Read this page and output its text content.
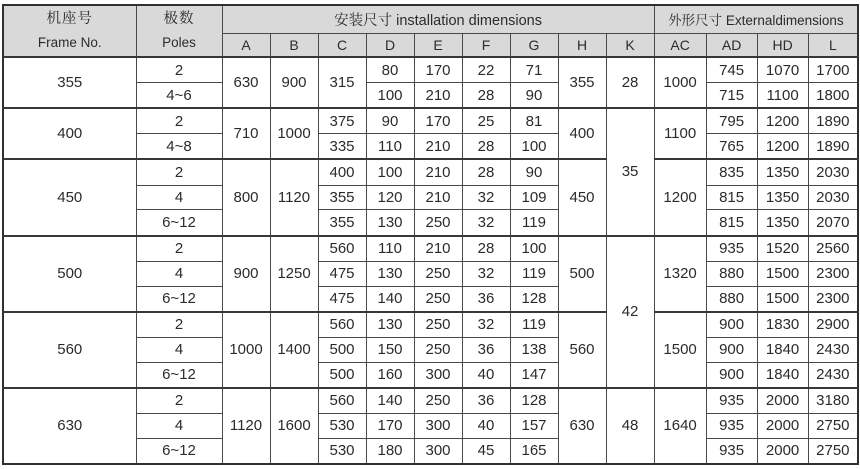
机座号
Frame No.

极数
Poles
	安装尺寸 installation dimensions	外形尺寸 Externaldimensions
		A	B	C	D	E	F	G	H	K	AC	AD	HD	L
355	2	630	900	315	80	170	22	71	355	28	1000	745	1070	1700
	4~6				100	210	28	90				715	1100	1800
400	2	710	1000	375	90	170	25	81	400	35	1100	795	1200	1890
	4~8			335	110	210	28	100				765	1200	1890
450	2	800	1120	400	100	210	28	90	450		1200	835	1350	2030
	4			355	120	210	32	109				815	1350	2030
	6~12			355	130	250	32	119				815	1350	2070
500	2	900	1250	560	110	210	28	100	500	42	1320	935	1520	2560
	4			475	130	250	32	119				880	1500	2300
	6~12			475	140	250	36	128				880	1500	2300
560	2	1000	1400	560	130	250	32	119	560		1500	900	1830	2900
	4			500	150	250	36	138				900	1840	2430
	6~12			500	160	300	40	147				900	1840	2430
630	2	1120	1600	560	140	250	36	128	630	48	1640	935	2000	3180
	4			530	170	300	40	157				935	2000	2750
	6~12			530	180	300	45	165				935	2000	2750
